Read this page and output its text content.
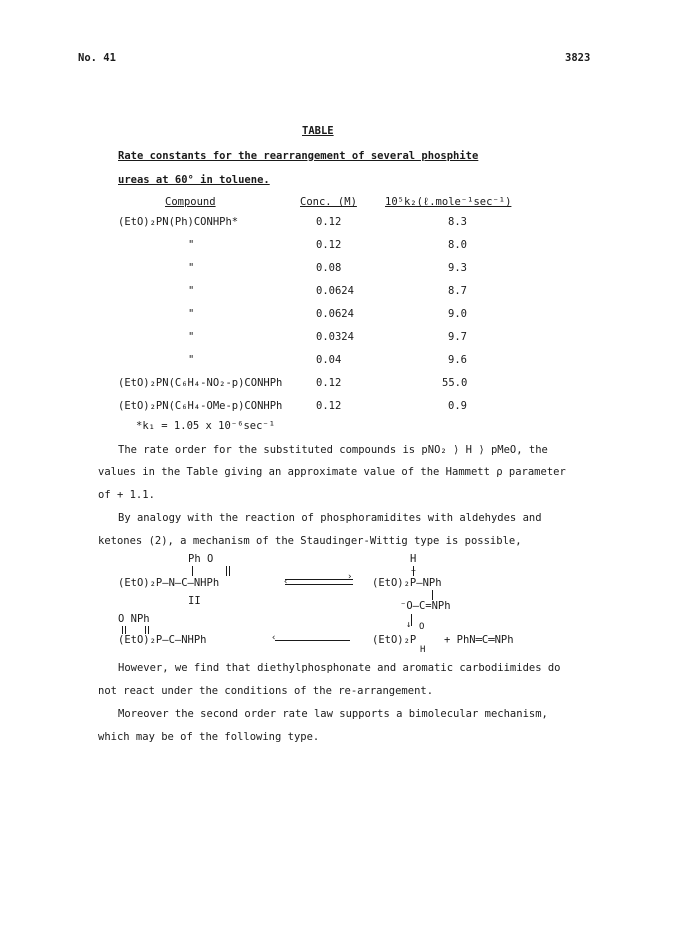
No. 41	3823
TABLE
Rate constants for the rearrangement of several phosphite
ureas at 60° in toluene.
Compound	Conc. (M)	10⁵k₂(ℓ.mole⁻¹sec⁻¹)
(EtO)₂PN(Ph)CONHPh*	0.12	8.3
"	0.12	8.0
"	0.08	9.3
"	0.0624	8.7
"	0.0624	9.0
"	0.0324	9.7
"	0.04	9.6
(EtO)₂PN(C₆H₄-NO₂-p)CONHPh	0.12	55.0
(EtO)₂PN(C₆H₄-OMe-p)CONHPh	0.12	0.9
*k₁ = 1.05 x 10⁻⁶sec⁻¹
The rate order for the substituted compounds is pNO₂ ⟩ H ⟩ pMeO, the
values in the Table giving an approximate value of the Hammett ρ parameter
of + 1.1.
By analogy with the reaction of phosphoramidites with aldehydes and
ketones (2), a mechanism of the Staudinger-Wittig type is possible,
Ph O
(EtO)₂P—N—C—NHPh
II
›
‹
H
+
(EtO)₂P—NPh
⁻O—C=NPh
↓
O NPh
(EtO)₂P—C—NHPh	‹
O
(EtO)₂P	+ PhN═C═NPh
H
However, we find that diethylphosphonate and aromatic carbodiimides do
not react under the conditions of the re-arrangement.
Moreover the second order rate law supports a bimolecular mechanism,
which may be of the following type.
